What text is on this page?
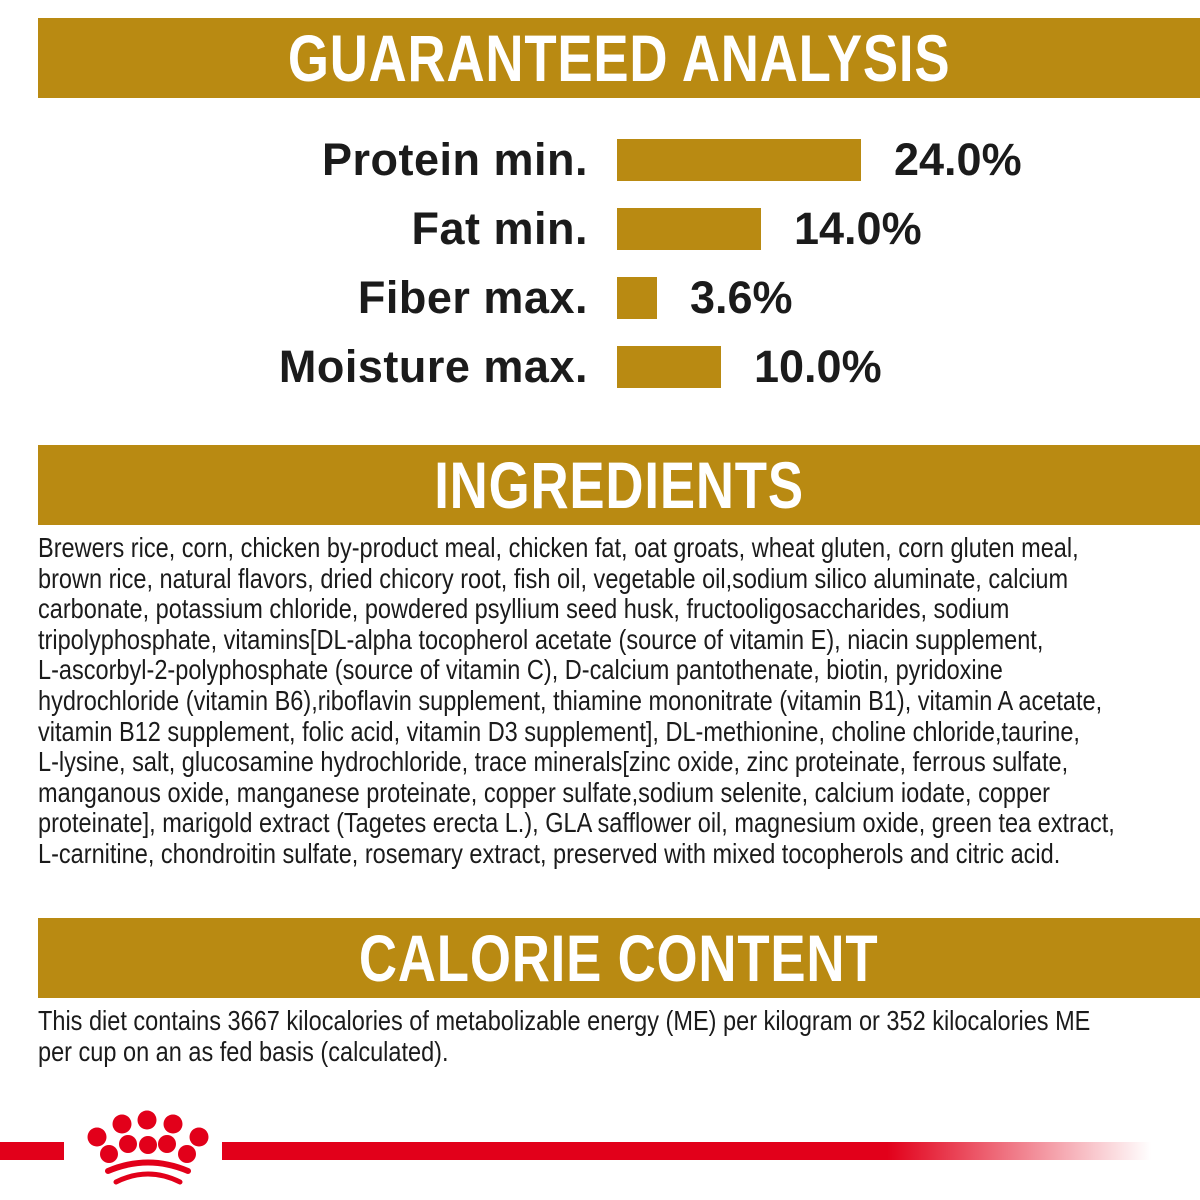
GUARANTEED ANALYSIS
Protein min.	24.0%
Fat min.	14.0%
Fiber max. 3.6%
Moisture max.	10.0%
INGREDIENTS
Brewers rice, corn, chicken by-product meal, chicken fat, oat groats, wheat gluten, corn gluten meal,
brown rice, natural flavors, dried chicory root, fish oil, vegetable oil,sodium silico aluminate, calcium
carbonate, potassium chloride, powdered psyllium seed husk, fructooligosaccharides, sodium
tripolyphosphate, vitamins[DL-alpha tocopherol acetate (source of vitamin E), niacin supplement,
L-ascorbyl-2-polyphosphate (source of vitamin C), D-calcium pantothenate, biotin, pyridoxine
hydrochloride (vitamin B6),riboflavin supplement, thiamine mononitrate (vitamin B1), vitamin A acetate,
vitamin B12 supplement, folic acid, vitamin D3 supplement], DL-methionine, choline chloride,taurine,
L-lysine, salt, glucosamine hydrochloride, trace minerals[zinc oxide, zinc proteinate, ferrous sulfate,
manganous oxide, manganese proteinate, copper sulfate,sodium selenite, calcium iodate, copper
proteinate], marigold extract (Tagetes erecta L.), GLA safflower oil, magnesium oxide, green tea extract,
L-carnitine, chondroitin sulfate, rosemary extract, preserved with mixed tocopherols and citric acid.
CALORIE CONTENT
This diet contains 3667 kilocalories of metabolizable energy (ME) per kilogram or 352 kilocalories ME
per cup on an as fed basis (calculated).
